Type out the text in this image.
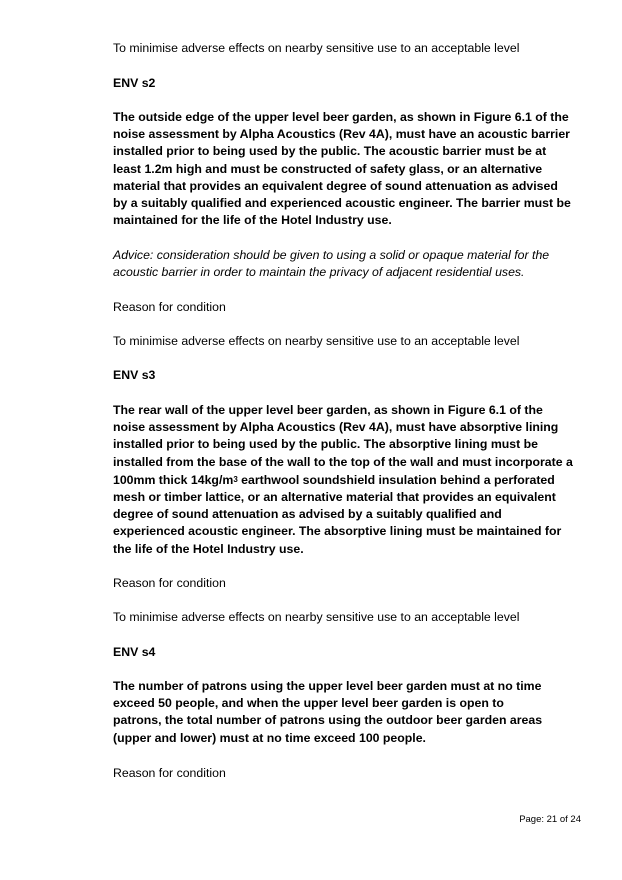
To minimise adverse effects on nearby sensitive use to an acceptable level

ENV s2

The outside edge of the upper level beer garden, as shown in Figure 6.1 of the
noise assessment by Alpha Acoustics (Rev 4A), must have an acoustic barrier
installed prior to being used by the public. The acoustic barrier must be at
least 1.2m high and must be constructed of safety glass, or an alternative
material that provides an equivalent degree of sound attenuation as advised
by a suitably qualified and experienced acoustic engineer. The barrier must be
maintained for the life of the Hotel Industry use.

Advice: consideration should be given to using a solid or opaque material for the
acoustic barrier in order to maintain the privacy of adjacent residential uses.

Reason for condition

To minimise adverse effects on nearby sensitive use to an acceptable level

ENV s3

The rear wall of the upper level beer garden, as shown in Figure 6.1 of the
noise assessment by Alpha Acoustics (Rev 4A), must have absorptive lining
installed prior to being used by the public. The absorptive lining must be
installed from the base of the wall to the top of the wall and must incorporate a
100mm thick $14kg/m^3$ earthwool soundshield insulation behind a perforated
mesh or timber lattice, or an alternative material that provides an equivalent
degree of sound attenuation as advised by a suitably qualified and
experienced acoustic engineer. The absorptive lining must be maintained for
the life of the Hotel Industry use.

Reason for condition

To minimise adverse effects on nearby sensitive use to an acceptable level

ENV s4

The number of patrons using the upper level beer garden must at no time
exceed 50 people, and when the upper level beer garden is open to
patrons, the total number of patrons using the outdoor beer garden areas
(upper and lower) must at no time exceed 100 people.

Reason for condition

Page: 21 of 24
